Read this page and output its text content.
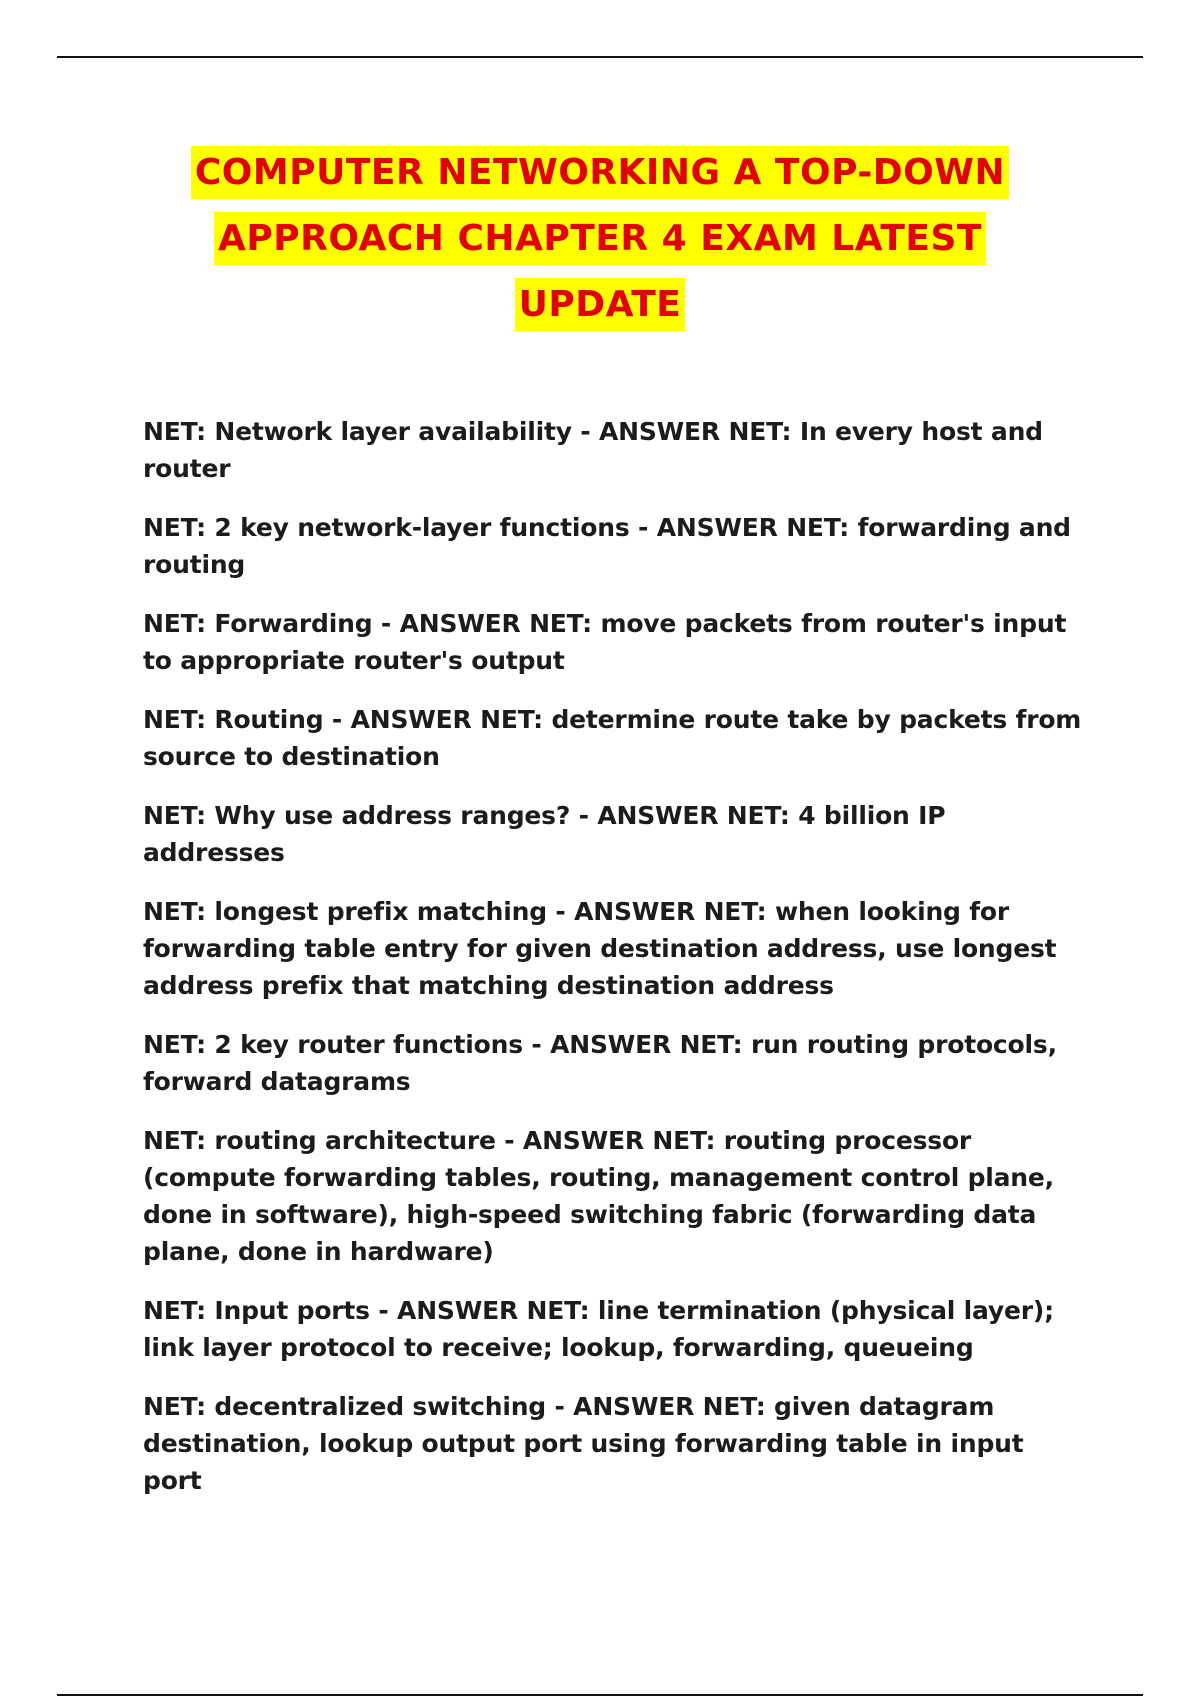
COMPUTER NETWORKING A TOP-DOWN
APPROACH CHAPTER 4 EXAM LATEST
UPDATE
NET: Network layer availability - ANSWER NET: In every host and router
NET: 2 key network-layer functions - ANSWER NET: forwarding and routing
NET: Forwarding - ANSWER NET: move packets from router's input to appropriate router's output
NET: Routing - ANSWER NET: determine route take by packets from source to destination
NET: Why use address ranges? - ANSWER NET: 4 billion IP addresses
NET: longest prefix matching - ANSWER NET: when looking for forwarding table entry for given destination address, use longest address prefix that matching destination address
NET: 2 key router functions - ANSWER NET: run routing protocols, forward datagrams
NET: routing architecture - ANSWER NET: routing processor (compute forwarding tables, routing, management control plane, done in software), high-speed switching fabric (forwarding data plane, done in hardware)
NET: Input ports - ANSWER NET: line termination (physical layer); link layer protocol to receive; lookup, forwarding, queueing
NET: decentralized switching - ANSWER NET: given datagram destination, lookup output port using forwarding table in input port
